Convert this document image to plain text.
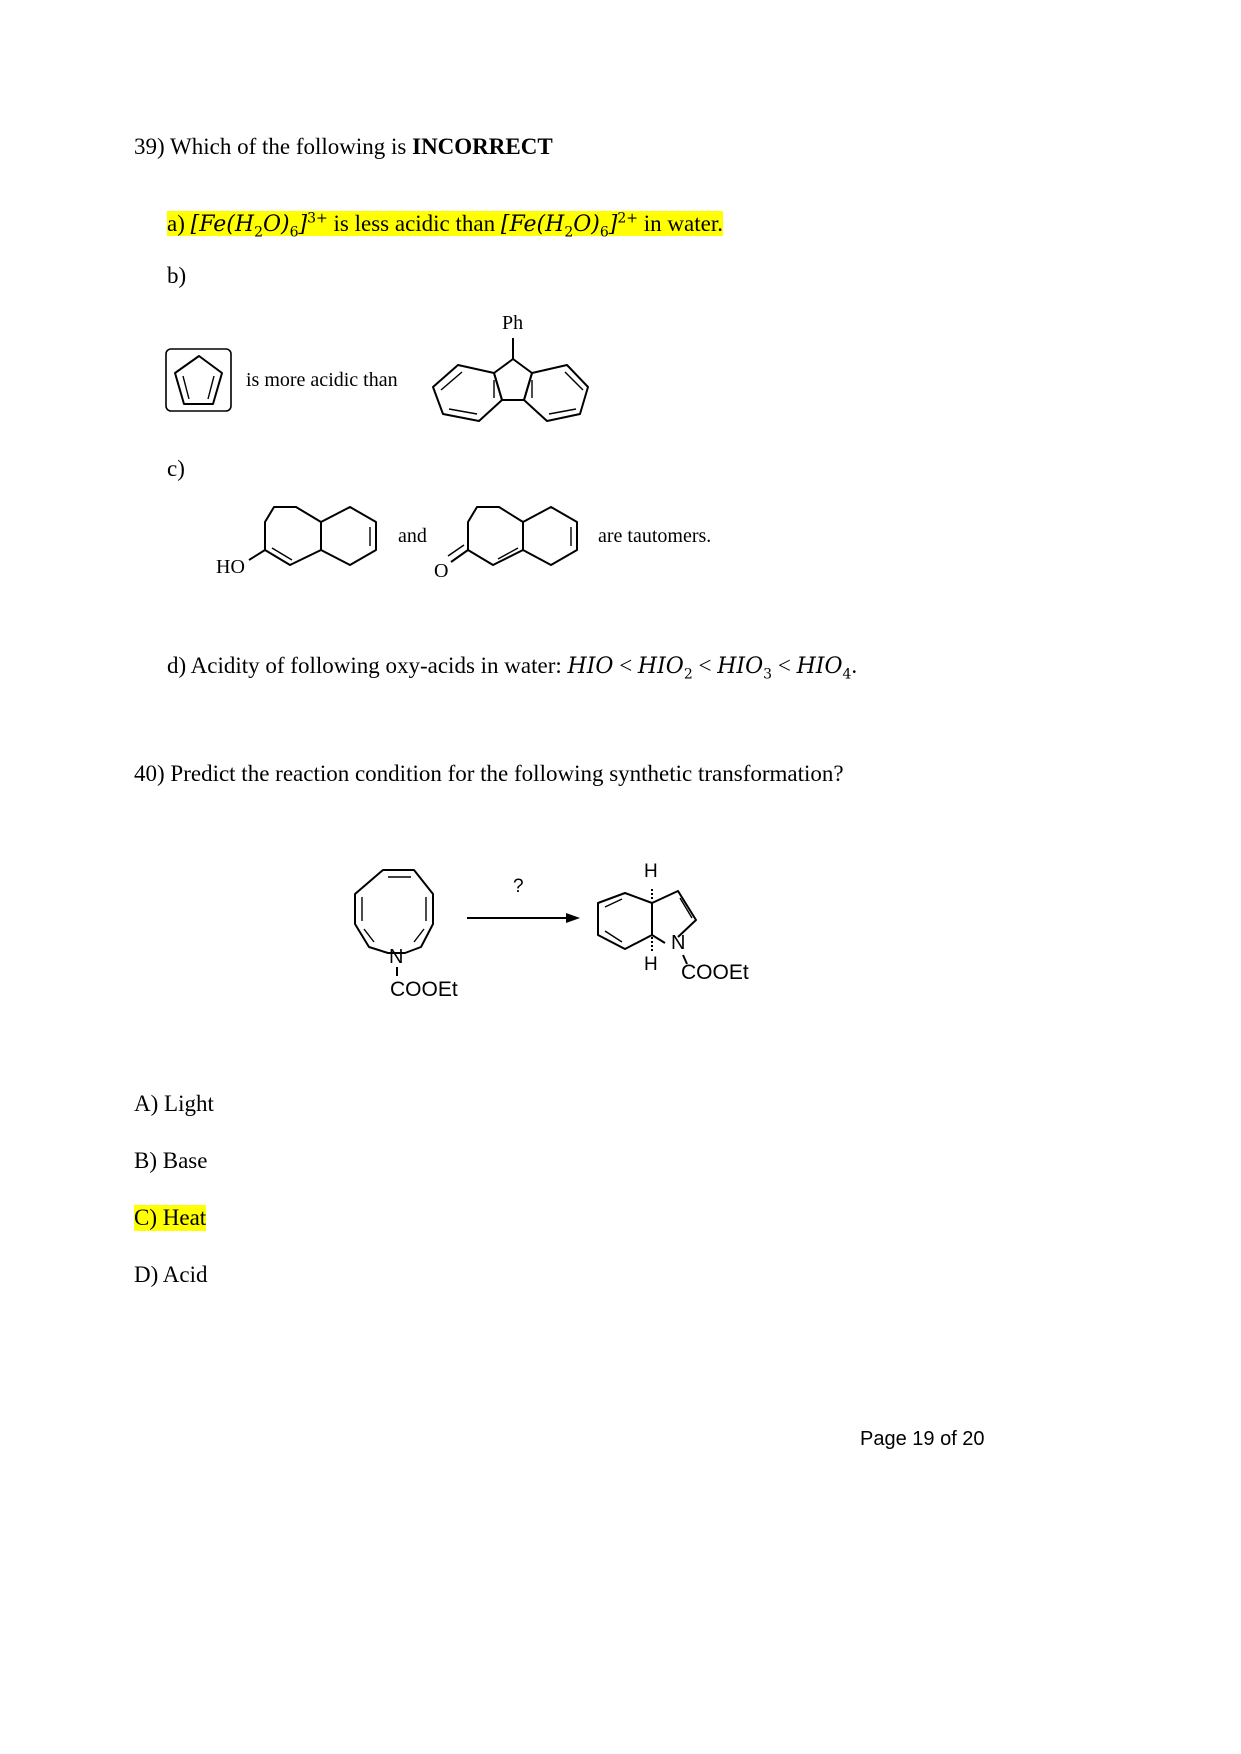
39) Which of the following is INCORRECT
a) $[Fe(H_2O)_6]^{3+}$ is less acidic than $[Fe(H_2O)_6]^{2+}$ in water.
b)
is more acidic than
Ph
c)
HO
and
O
are tautomers.
d) Acidity of following oxy-acids in water: HIO < $HIO_2 < HIO_3 < HIO_4$.
40) Predict the reaction condition for the following synthetic transformation?
?
N
COOEt
H
H
N
COOEt
A) Light
B) Base
C) Heat
D) Acid
Page 19 of 20
